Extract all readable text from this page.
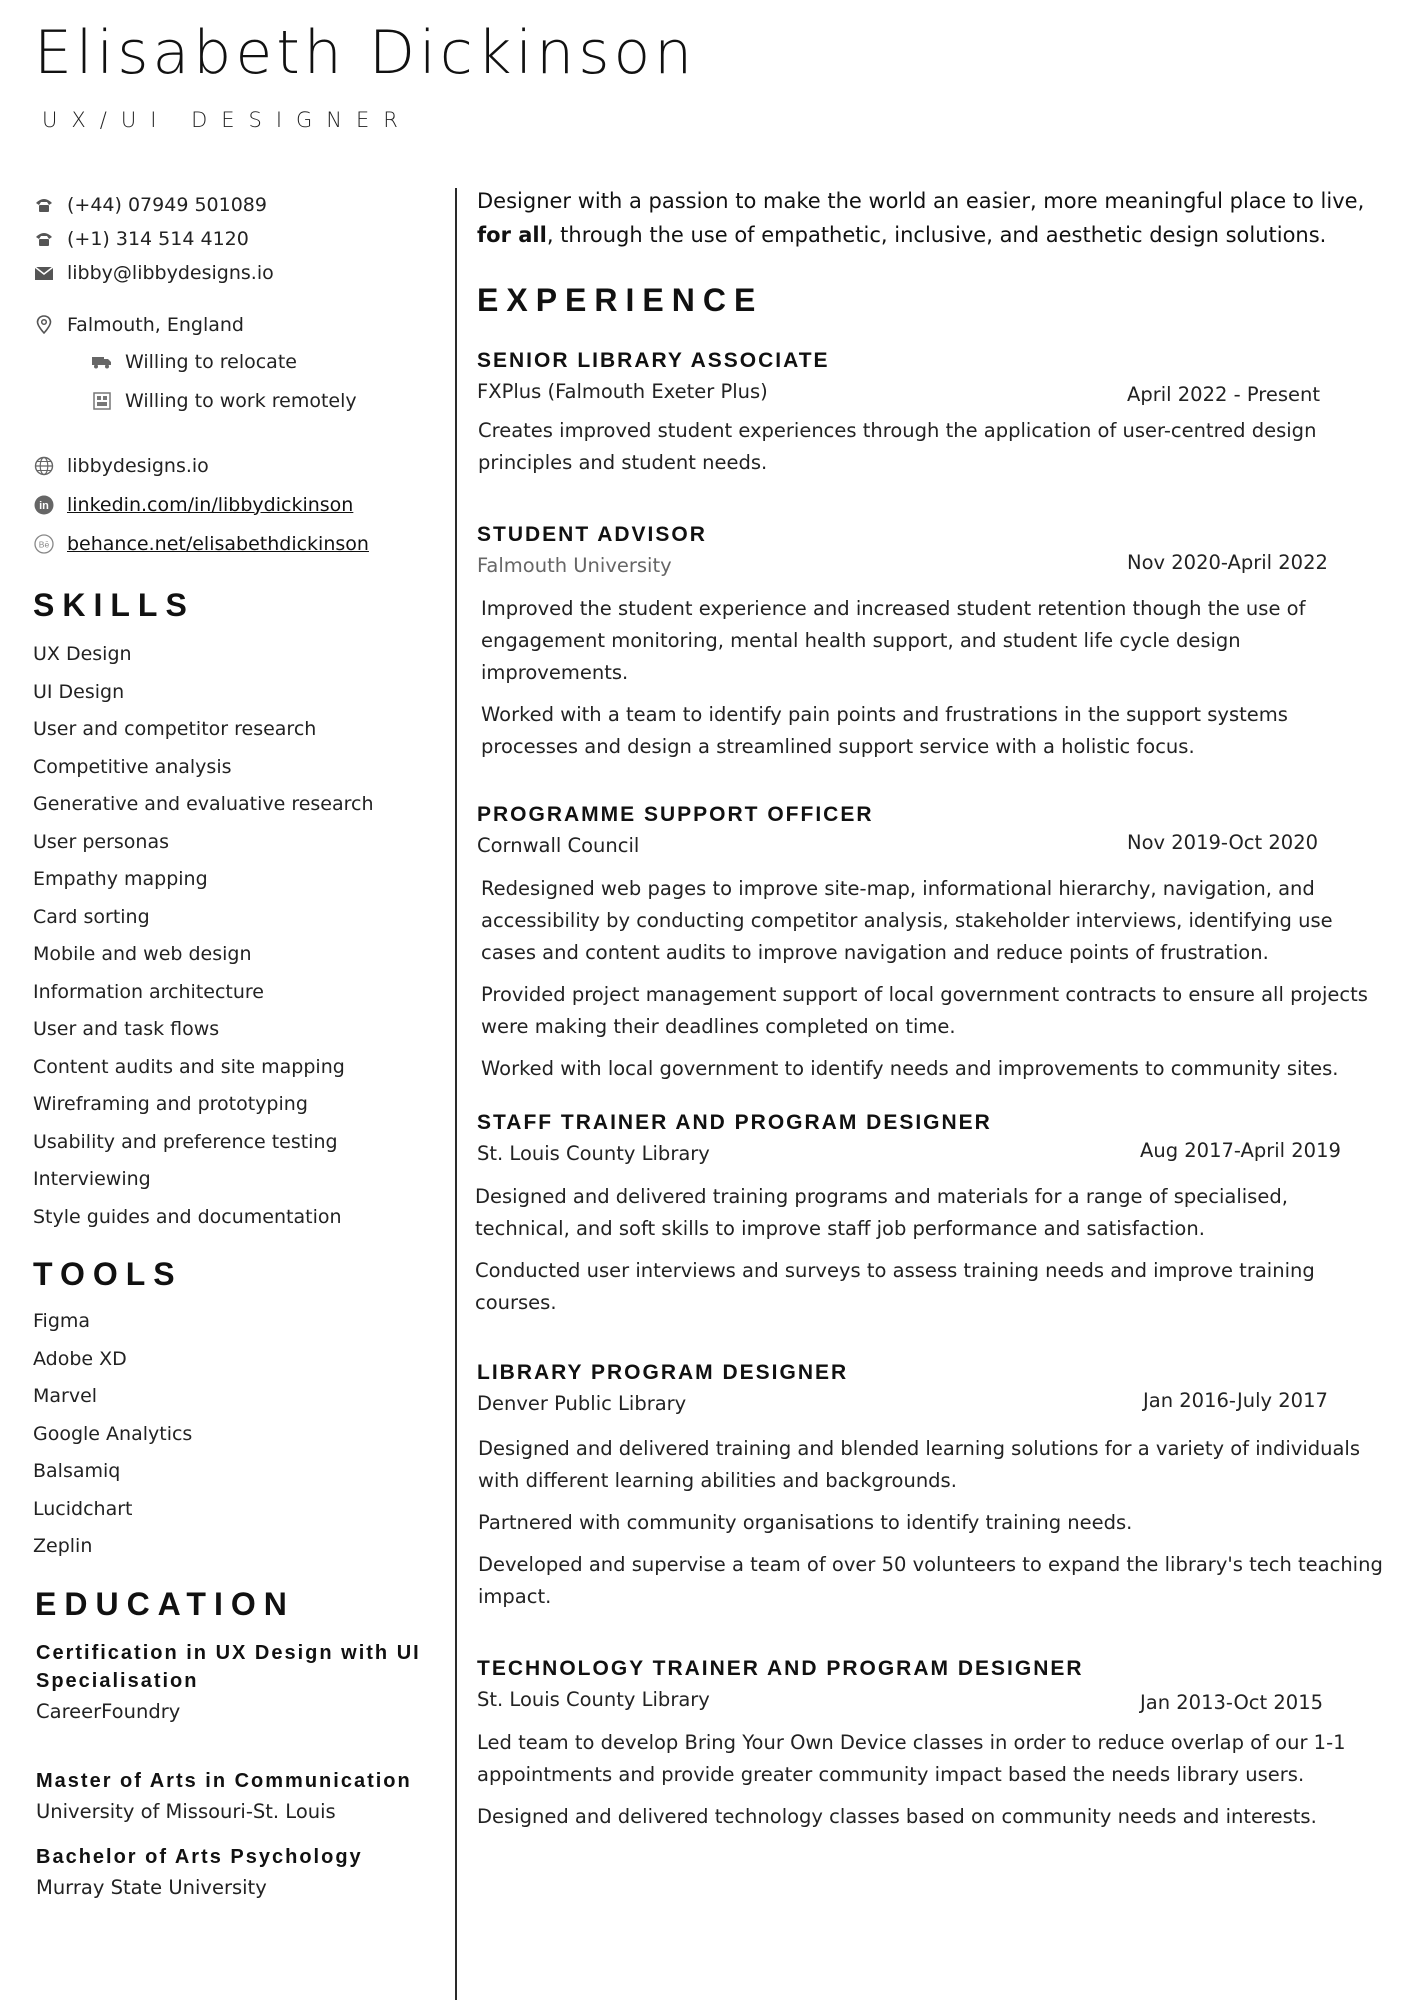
Elisabeth Dickinson
UX/UI DESIGNER
(+44) 07949 501089
(+1) 314 514 4120
libby@libbydesigns.io
Falmouth, England
Willing to relocate
Willing to work remotely
libbydesigns.io
in linkedin.com/in/libbydickinson
Bē behance.net/elisabethdickinson
SKILLS
UX Design
UI Design
User and competitor research
Competitive analysis
Generative and evaluative research
User personas
Empathy mapping
Card sorting
Mobile and web design
Information architecture
User and task flows
Content audits and site mapping
Wireframing and prototyping
Usability and preference testing
Interviewing
Style guides and documentation
TOOLS
Figma
Adobe XD
Marvel
Google Analytics
Balsamiq
Lucidchart
Zeplin
EDUCATION
Certification in UX Design with UI Specialisation
CareerFoundry
Master of Arts in Communication
University of Missouri-St. Louis
Bachelor of Arts Psychology
Murray State University

Designer with a passion to make the world an easier, more meaningful place to live, for all, through the use of empathetic, inclusive, and aesthetic design solutions.

EXPERIENCE
SENIOR LIBRARY ASSOCIATE
FXPlus (Falmouth Exeter Plus)	April 2022 - Present

Creates improved student experiences through the application of user-centred design principles and student needs.

STUDENT ADVISOR
Falmouth University	Nov 2020-April 2022

Improved the student experience and increased student retention though the use of engagement monitoring, mental health support, and student life cycle design improvements.

Worked with a team to identify pain points and frustrations in the support systems processes and design a streamlined support service with a holistic focus.

PROGRAMME SUPPORT OFFICER
Cornwall Council	Nov 2019-Oct 2020

Redesigned web pages to improve site-map, informational hierarchy, navigation, and accessibility by conducting competitor analysis, stakeholder interviews, identifying use cases and content audits to improve navigation and reduce points of frustration.

Provided project management support of local government contracts to ensure all projects were making their deadlines completed on time.

Worked with local government to identify needs and improvements to community sites.

STAFF TRAINER AND PROGRAM DESIGNER
St. Louis County Library	Aug 2017-April 2019

Designed and delivered training programs and materials for a range of specialised, technical, and soft skills to improve staff job performance and satisfaction.

Conducted user interviews and surveys to assess training needs and improve training courses.

LIBRARY PROGRAM DESIGNER
Denver Public Library	Jan 2016-July 2017

Designed and delivered training and blended learning solutions for a variety of individuals with different learning abilities and backgrounds.

Partnered with community organisations to identify training needs.

Developed and supervise a team of over 50 volunteers to expand the library's tech teaching impact.

TECHNOLOGY TRAINER AND PROGRAM DESIGNER
St. Louis County Library	Jan 2013-Oct 2015

Led team to develop Bring Your Own Device classes in order to reduce overlap of our 1-1 appointments and provide greater community impact based the needs library users.

Designed and delivered technology classes based on community needs and interests.
